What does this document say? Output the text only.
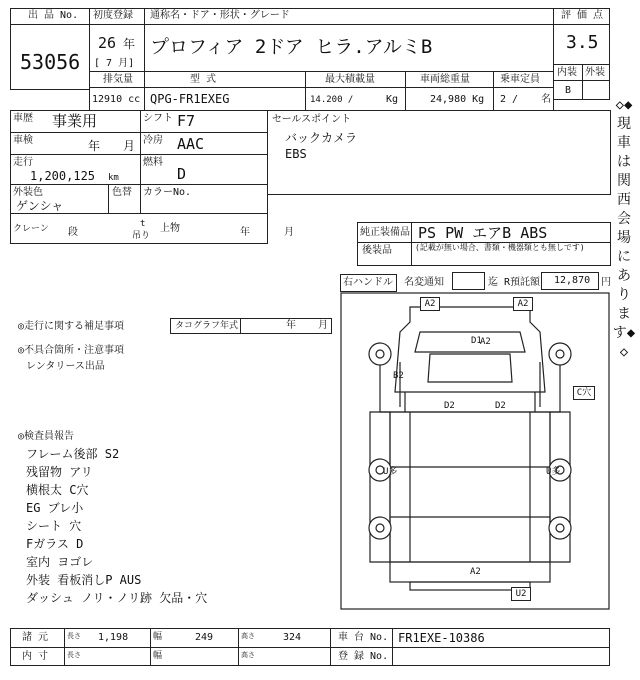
出 品 No.
53056
初度登録
26 年
[ 7 月]
通称名・ドア・形状・グレード
プロフィア 2ドア ヒラ.アルミB
評 価 点
3.5
内装 外装
B
排気量
12910 cc
型 式
QPG-FR1EXEG
最大積載量
14.200 /	Kg
車両総重量
24,980 Kg
乗車定員
2 / 名	◇◆現車は関西会場にあります◆◇
車歴 事業用	シフト F7
車検	年 月 冷房 AAC
走行
1,200,125 km
燃料
D
外装色
ゲンシャ
色替 カラーNo.
クレーン 段
t
吊り
上物	年	月
セールスポイント
バックカメラ
EBS
純正装備品 PS PW エアB ABS
後装品	(記載が無い場合、書類・機器類とも無しです)
右ハンドル 名変通知	迄 R預託額 12,870 円
◎走行に関する補足事項	タコグラフ年式	年 月
◎不具合箇所・注意事項
レンタリース出品
◎検査員報告
フレーム後部 S2
残留物 アリ
横根太 C穴
EG ブレ小
シート 穴
Fガラス D
室内 ヨゴレ
外装 看板消しP AUS
ダッシュ ノリ・ノリ跡 欠品・穴
A2	A2
A2
D1
B2
C穴
D2	D2
U多	U多
A2
U2
諸 元	長さ 1,198	幅	249	高さ	324	車 台 No. FR1EXE-10386
内 寸	長さ	幅	高さ	登 録 No.
